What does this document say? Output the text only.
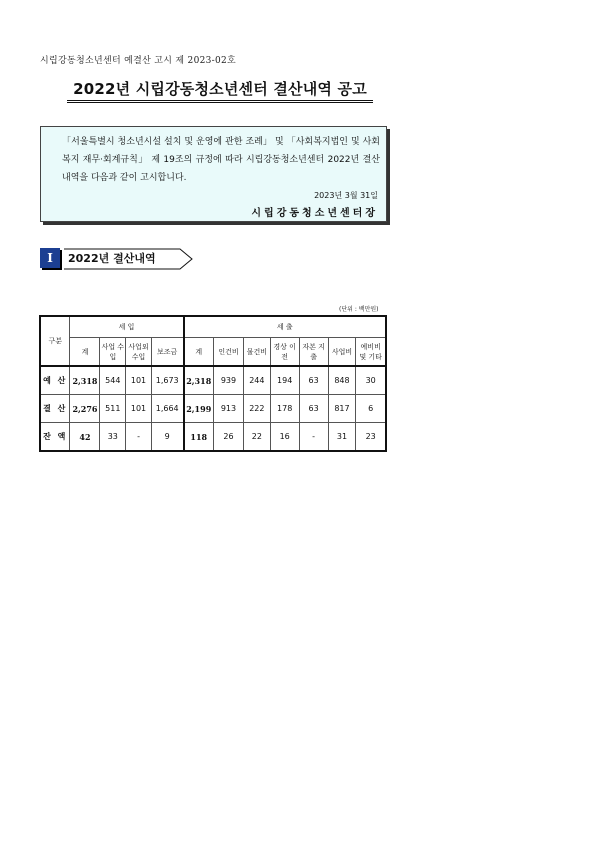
시립강동청소년센터 예결산 고시 제 2023-02호
2022년 시립강동청소년센터 결산내역 공고
「서울특별시 청소년시설 설치 및 운영에 관한 조례」 및 「사회복지법인 및 사회복지 재무·회계규칙」 제 19조의 규정에 따라 시립강동청소년센터 2022년 결산 내역을 다음과 같이 고시합니다.
2023년 3월 31일
시립강동청소년센터장
I	2022년 결산내역
(단위 : 백만원)
구분	세 입				세 출						
	계	사업 수입	사업외 수입	보조금	계	인건비	물건비	경상 이전	자본 지출	사업비	예비비 및 기타
예 산	2,318	544	101	1,673	2,318	939	244	194	63	848	30
결 산	2,276	511	101	1,664	2,199	913	222	178	63	817	6
잔 액	42	33	-	9	118	26	22	16	-	31	23
